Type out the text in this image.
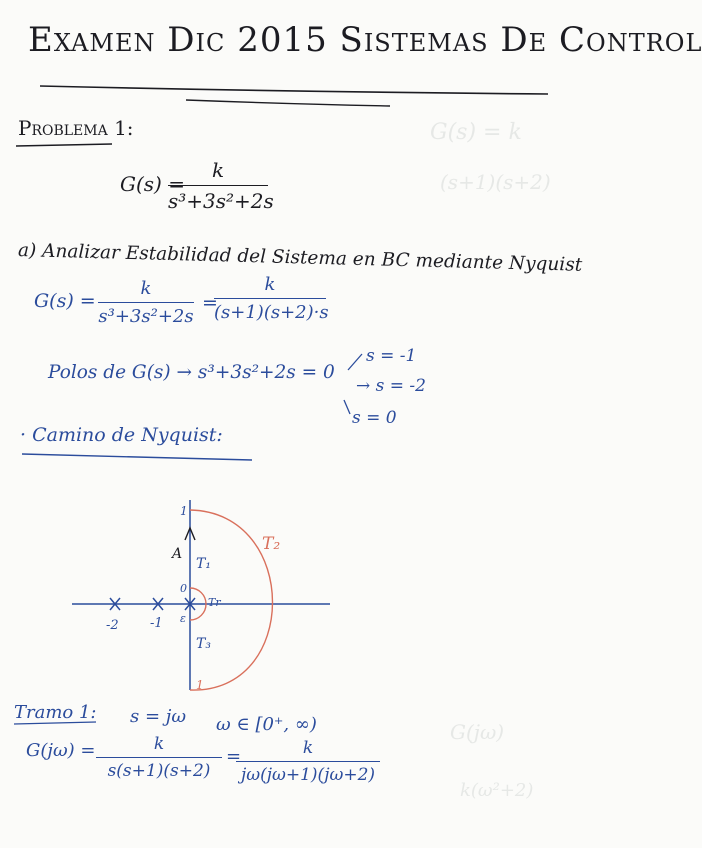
G(s) = k
(s+1)(s+2)
G(jω)
k(ω²+2)
Examen Dic 2015 Sistemas De Control
Problema 1:
G(s) =
k
s³+3s²+2s
a) Analizar Estabilidad del Sistema en BC mediante Nyquist
G(s) =
k
s³+3s²+2s
=
k
(s+1)(s+2)·s
Polos de G(s) → s³+3s²+2s = 0
s = -1
→ s = -2
s = 0
· Camino de Nyquist:
1
A
T₁
T₂
T₃
Tr
0
ε
-2 -1
1
Tramo 1: s = jω ω ∈ [0⁺, ∞)
G(jω) =	k
s(s+1)(s+2)
=	k
jω(jω+1)(jω+2)
